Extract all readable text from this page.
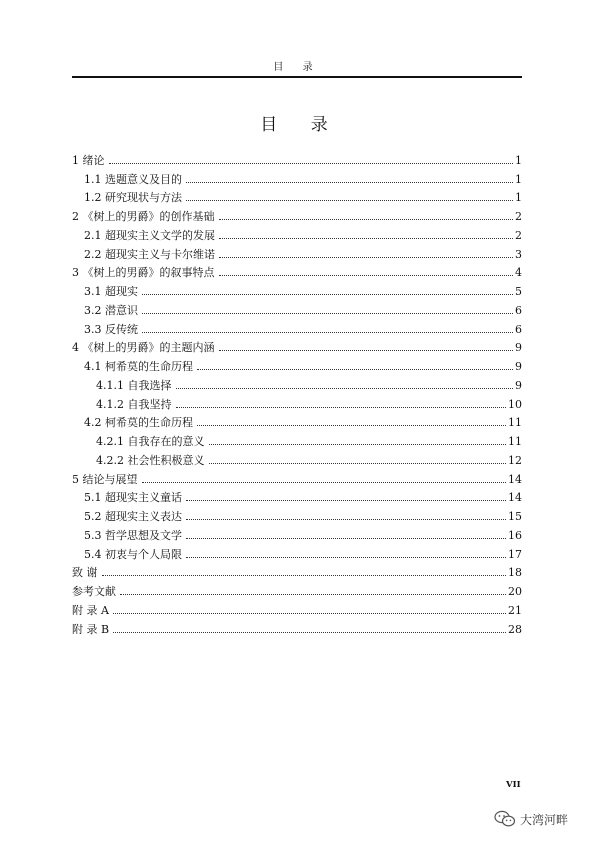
目 录
目 录
1 绪论	1
1.1 选题意义及目的	1
1.2 研究现状与方法	1
2 《树上的男爵》的创作基础	2
2.1 超现实主义文学的发展	2
2.2 超现实主义与卡尔维诺	3
3 《树上的男爵》的叙事特点	4
3.1 超现实	5
3.2 潜意识	6
3.3 反传统	6
4 《树上的男爵》的主题内涵	9
4.1 柯希莫的生命历程	9
4.1.1 自我选择	9
4.1.2 自我坚持	10
4.2 柯希莫的生命历程	11
4.2.1 自我存在的意义	11
4.2.2 社会性积极意义	12
5 结论与展望	14
5.1 超现实主义童话	14
5.2 超现实主义表达	15
5.3 哲学思想及文学	16
5.4 初衷与个人局限	17
致 谢	18
参考文献	20
附 录 A	21
附 录 B	28
VII
大湾河畔
